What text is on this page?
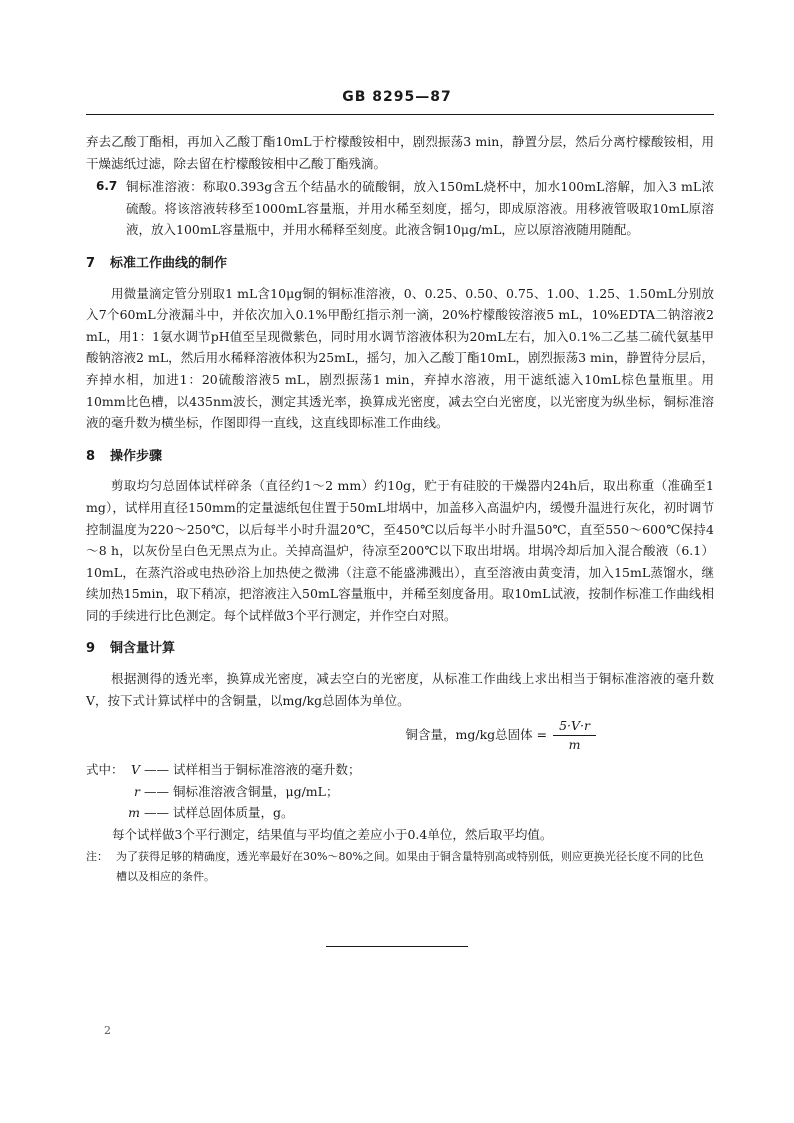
GB 8295—87

弃去乙酸丁酯相，再加入乙酸丁酯10mL于柠檬酸铵相中，剧烈振荡3 min，静置分层，然后分离柠檬酸铵相，用干燥滤纸过滤，除去留在柠檬酸铵相中乙酸丁酯残滴。

6.7 铜标准溶液：称取0.393g含五个结晶水的硫酸铜，放入150mL烧杯中，加水100mL溶解，加入3 mL浓硫酸。将该溶液转移至1000mL容量瓶，并用水稀至刻度，摇匀，即成原溶液。用移液管吸取10mL原溶液，放入100mL容量瓶中，并用水稀释至刻度。此液含铜10μg/mL，应以原溶液随用随配。
7	标准工作曲线的制作

用微量滴定管分别取1 mL含10μg铜的铜标准溶液，0、0.25、0.50、0.75、1.00、1.25、1.50mL分别放入7个60mL分液漏斗中，并依次加入0.1%甲酚红指示剂一滴，20%柠檬酸铵溶液5 mL，10%EDTA二钠溶液2 mL，用1：1氨水调节pH值至呈现微紫色，同时用水调节溶液体积为20mL左右，加入0.1%二乙基二硫代氨基甲酸钠溶液2 mL，然后用水稀释溶液体积为25mL，摇匀，加入乙酸丁酯10mL，剧烈振荡3 min，静置待分层后，弃掉水相，加进1：20硫酸溶液5 mL，剧烈振荡1 min，弃掉水溶液，用干滤纸滤入10mL棕色量瓶里。用10mm比色槽，以435nm波长，测定其透光率，换算成光密度，减去空白光密度，以光密度为纵坐标，铜标准溶液的毫升数为横坐标，作图即得一直线，这直线即标准工作曲线。

8	操作步骤

剪取均匀总固体试样碎条（直径约1～2 mm）约10g，贮于有硅胶的干燥器内24h后，取出称重（准确至1 mg），试样用直径150mm的定量滤纸包住置于50mL坩埚中，加盖移入高温炉内，缓慢升温进行灰化，初时调节控制温度为220～250℃，以后每半小时升温20℃，至450℃以后每半小时升温50℃，直至550～600℃保持4～8 h，以灰份呈白色无黑点为止。关掉高温炉，待凉至200℃以下取出坩埚。坩埚冷却后加入混合酸液（6.1）10mL，在蒸汽浴或电热砂浴上加热使之微沸（注意不能盛沸溅出），直至溶液由黄变清，加入15mL蒸馏水，继续加热15min，取下稍凉，把溶液注入50mL容量瓶中，并稀至刻度备用。取10mL试液，按制作标准工作曲线相同的手续进行比色测定。每个试样做3个平行测定，并作空白对照。

9	铜含量计算

根据测得的透光率，换算成光密度，减去空白的光密度，从标准工作曲线上求出相当于铜标准溶液的毫升数V，按下式计算试样中的含铜量，以mg/kg总固体为单位。

铜含量，mg/kg总固体 = $\frac{5\cdot V\cdot r}{m}$
式中： V —— 试样相当于铜标准溶液的毫升数；
r —— 铜标准溶液含铜量，μg/mL；
m —— 试样总固体质量，g。

每个试样做3个平行测定，结果值与平均值之差应小于0.4单位，然后取平均值。

注： 为了获得足够的精确度，透光率最好在30%～80%之间。如果由于铜含量特别高或特别低，则应更换光径长度不同的比色槽以及相应的条件。
2
